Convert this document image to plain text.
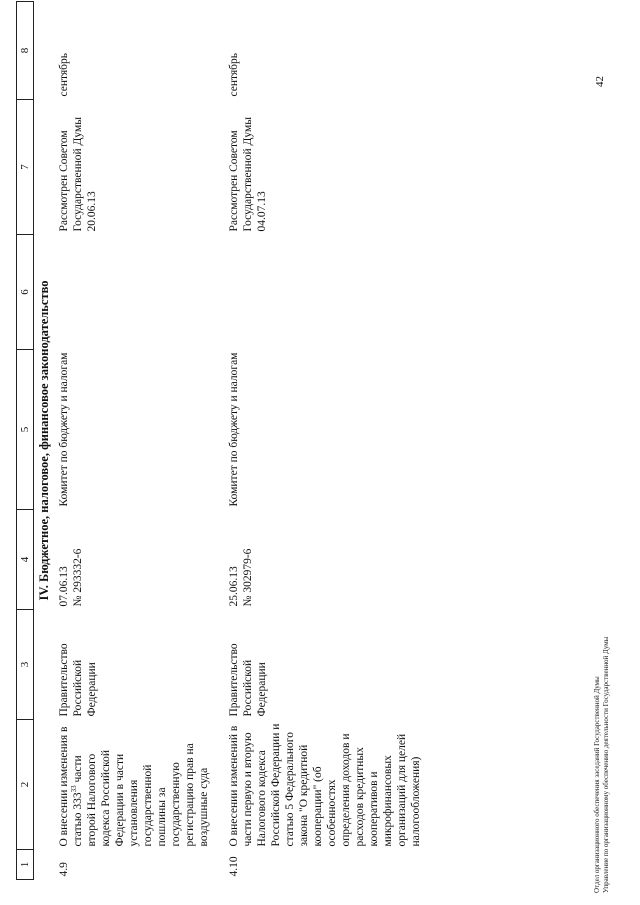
1	2	3	4	5	6	7	8
IV. Бюджетное, налоговое, финансовое законодательство							
4.9	О внесении изменения в статью $333^{33}$ части второй Налогового кодекса Российской Федерации в части установления государственной пошлины за государственную регистрацию прав на воздушные суда	Правительство Российской Федерации	07.06.13 № 293332-6	Комитет по бюджету и налогам		Рассмотрен Советом Государственной Думы 20.06.13	сентябрь
4.10	О внесении изменений в части первую и вторую Налогового кодекса Российской Федерации и статью 5 Федерального закона "О кредитной кооперации" (об особенностях определения доходов и расходов кредитных кооперативов и микрофинансовых организаций для целей налогообложения)	Правительство Российской Федерации	25.06.13 № 302979-6	Комитет по бюджету и налогам		Рассмотрен Советом Государственной Думы 04.07.13	сентябрь
Отдел организационного обеспечения заседаний Государственной Думы Управление по организационному обеспечению деятельности Государственной Думы
42
